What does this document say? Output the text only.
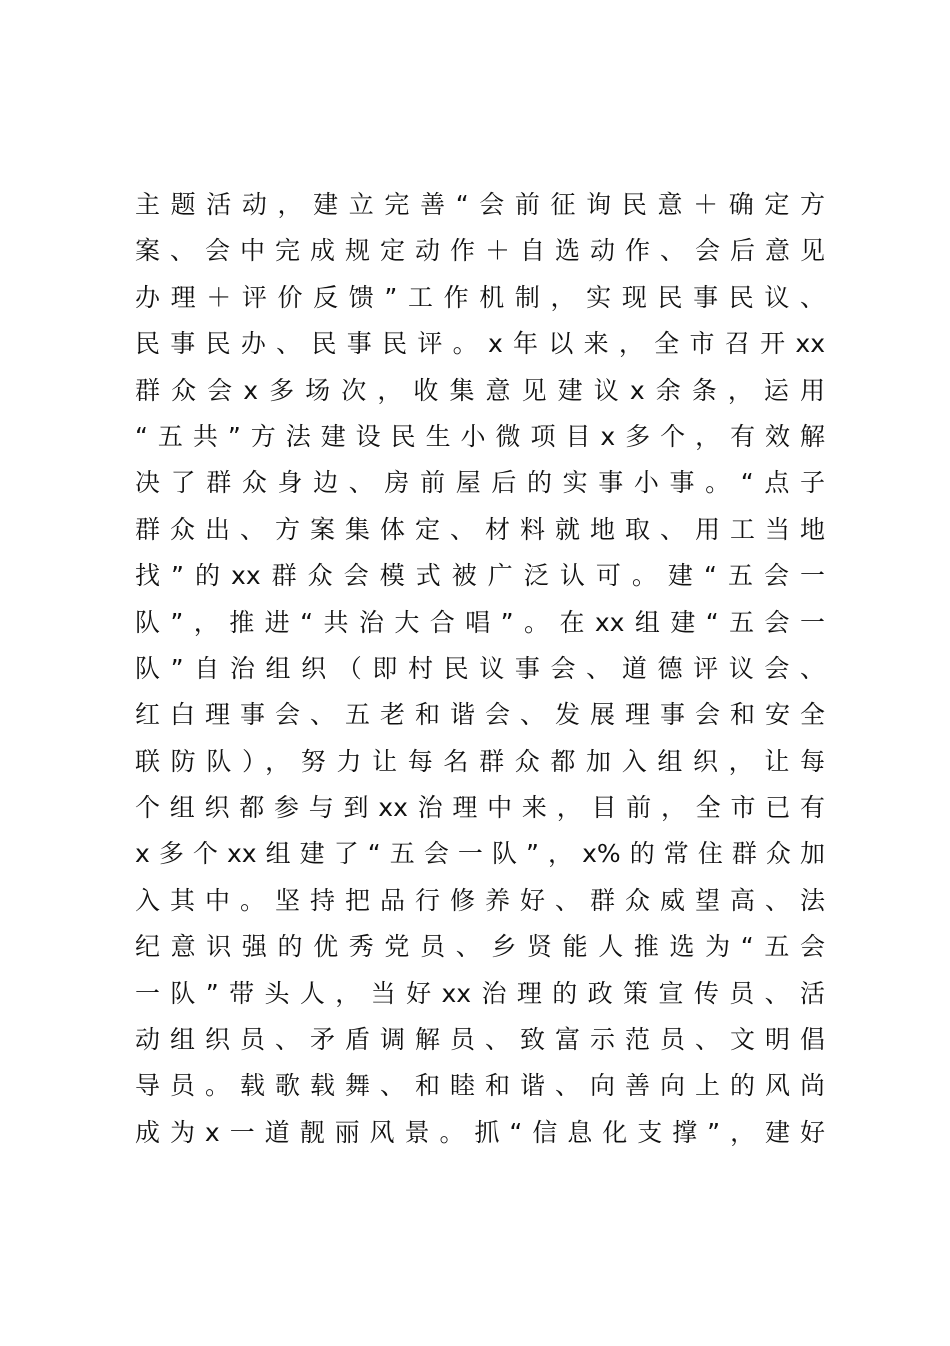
主题活动，建立完善“会前征询民意＋确定方
案、会中完成规定动作＋自选动作、会后意见
办理＋评价反馈”工作机制，实现民事民议、
民事民办、民事民评。x年以来，全市召开xx
群众会x多场次，收集意见建议x余条，运用
“五共”方法建设民生小微项目x多个，有效解
决了群众身边、房前屋后的实事小事。“点子
群众出、方案集体定、材料就地取、用工当地
找”的xx群众会模式被广泛认可。建“五会一
队”，推进“共治大合唱”。在xx组建“五会一
队”自治组织（即村民议事会、道德评议会、
红白理事会、五老和谐会、发展理事会和安全
联防队），努力让每名群众都加入组织，让每
个组织都参与到xx治理中来，目前，全市已有
x多个xx组建了“五会一队”，x%的常住群众加
入其中。坚持把品行修养好、群众威望高、法
纪意识强的优秀党员、乡贤能人推选为“五会
一队”带头人，当好xx治理的政策宣传员、活
动组织员、矛盾调解员、致富示范员、文明倡
导员。载歌载舞、和睦和谐、向善向上的风尚
成为x一道靓丽风景。抓“信息化支撑”，建好
